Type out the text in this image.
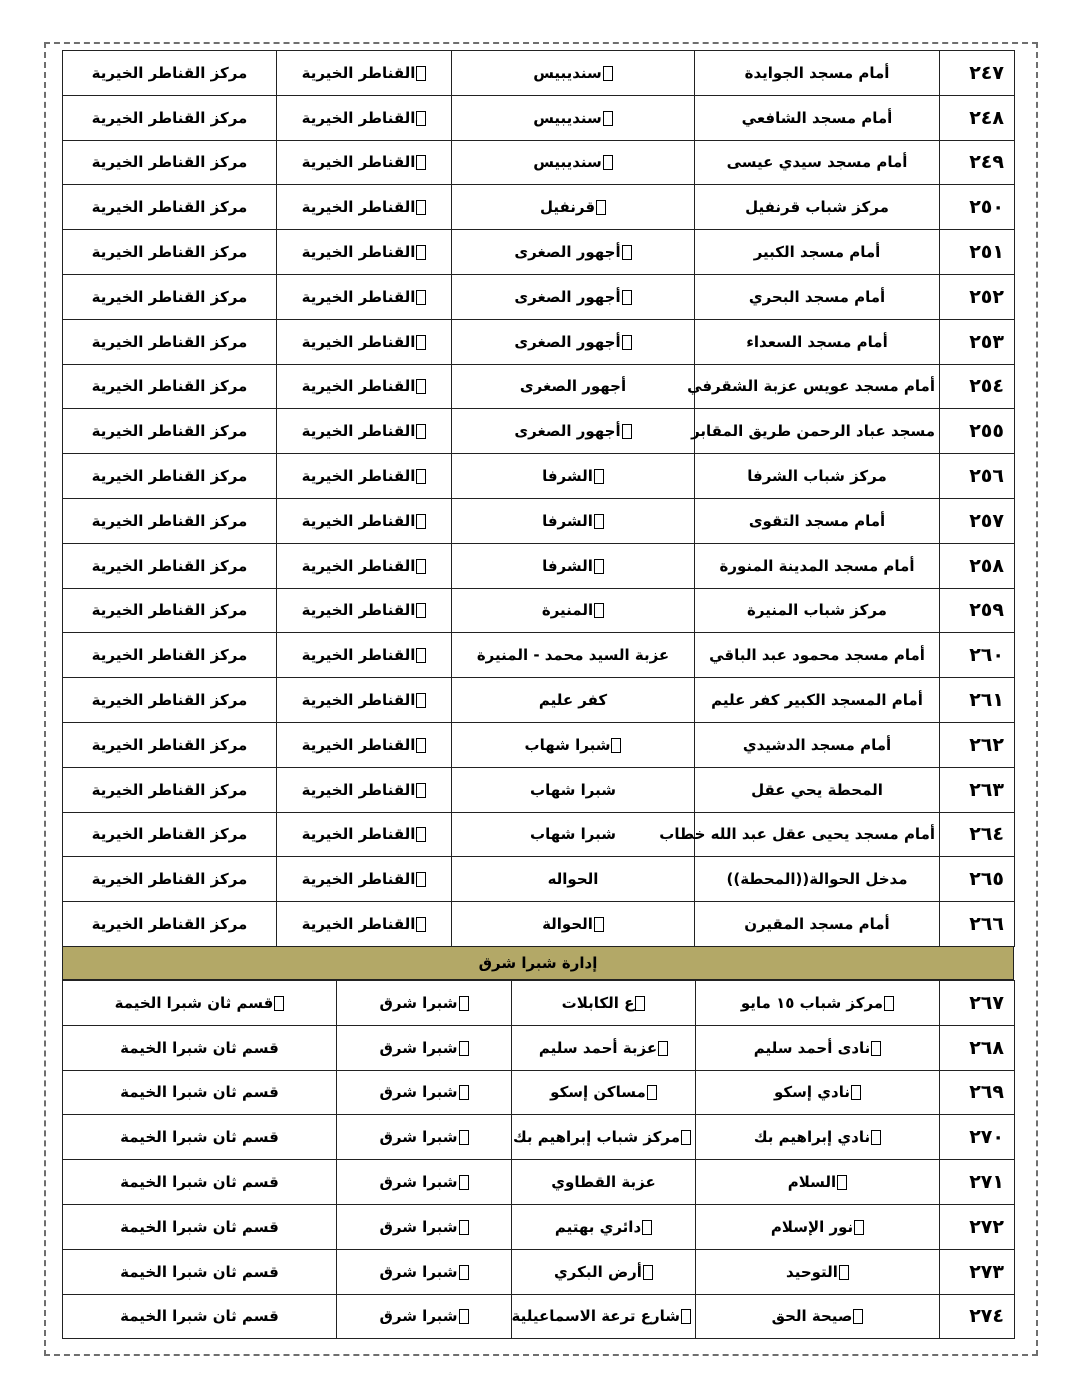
٢٤٧	أمام مسجد الجوايدة	سنديبيس	القناطر الخيرية	مركز القناطر الخيرية
٢٤٨	أمام مسجد الشافعي	سنديبيس	القناطر الخيرية	مركز القناطر الخيرية
٢٤٩	أمام مسجد سيدي عيسى	سنديبيس	القناطر الخيرية	مركز القناطر الخيرية
٢٥٠	مركز شباب قرنفيل	قرنفيل	القناطر الخيرية	مركز القناطر الخيرية
٢٥١	أمام مسجد الكبير	أجهور الصغرى	القناطر الخيرية	مركز القناطر الخيرية
٢٥٢	أمام مسجد البحري	أجهور الصغرى	القناطر الخيرية	مركز القناطر الخيرية
٢٥٣	أمام مسجد السعداء	أجهور الصغرى	القناطر الخيرية	مركز القناطر الخيرية
٢٥٤	أمام مسجد عويس عزبة الشقرفي	أجهور الصغرى	القناطر الخيرية	مركز القناطر الخيرية
٢٥٥	مسجد عباد الرحمن طريق المقابر	أجهور الصغرى	القناطر الخيرية	مركز القناطر الخيرية
٢٥٦	مركز شباب الشرفا	الشرفا	القناطر الخيرية	مركز القناطر الخيرية
٢٥٧	أمام مسجد التقوى	الشرفا	القناطر الخيرية	مركز القناطر الخيرية
٢٥٨	أمام مسجد المدينة المنورة	الشرفا	القناطر الخيرية	مركز القناطر الخيرية
٢٥٩	مركز شباب المنيرة	المنيرة	القناطر الخيرية	مركز القناطر الخيرية
٢٦٠	أمام مسجد محمود عبد الباقي	عزبة السيد محمد - المنيرة	القناطر الخيرية	مركز القناطر الخيرية
٢٦١	أمام المسجد الكبير كفر عليم	كفر عليم	القناطر الخيرية	مركز القناطر الخيرية
٢٦٢	أمام مسجد الدشيدي	شبرا شهاب	القناطر الخيرية	مركز القناطر الخيرية
٢٦٣	المحطة يحي عقل	شبرا شهاب	القناطر الخيرية	مركز القناطر الخيرية
٢٦٤	أمام مسجد يحيى عقل عبد الله خطاب	شبرا شهاب	القناطر الخيرية	مركز القناطر الخيرية
٢٦٥	مدخل الحوالة((المحطة))	الحواله	القناطر الخيرية	مركز القناطر الخيرية
٢٦٦	أمام مسجد المقيرن	الحوالة	القناطر الخيرية	مركز القناطر الخيرية
إدارة شبرا شرق
٢٦٧	مركز شباب ١٥ مايو	ع الكابلات	شبرا شرق	قسم ثان شبرا الخيمة
٢٦٨	نادى أحمد سليم	عزبة أحمد سليم	شبرا شرق	قسم ثان شبرا الخيمة
٢٦٩	نادي إسكو	مساكن إسكو	شبرا شرق	قسم ثان شبرا الخيمة
٢٧٠	نادي إبراهيم بك	مركز شباب إبراهيم بك	شبرا شرق	قسم ثان شبرا الخيمة
٢٧١	السلام	عزبة القطاوي	شبرا شرق	قسم ثان شبرا الخيمة
٢٧٢	نور الإسلام	دائري بهتيم	شبرا شرق	قسم ثان شبرا الخيمة
٢٧٣	التوحيد	أرض البكري	شبرا شرق	قسم ثان شبرا الخيمة
٢٧٤	صيحة الحق	شارع ترعة الاسماعيلية	شبرا شرق	قسم ثان شبرا الخيمة
